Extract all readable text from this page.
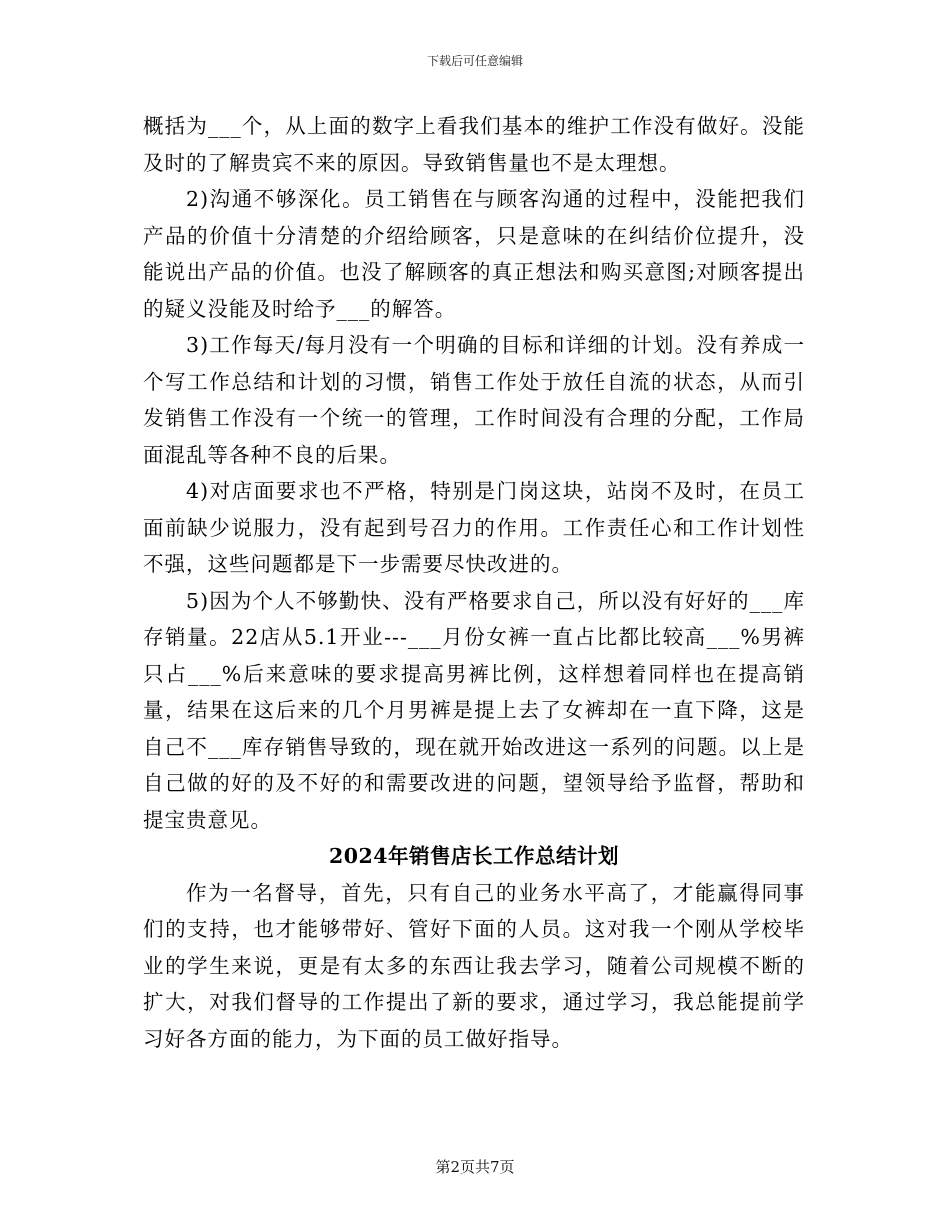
下载后可任意编辑

概括为___个，从上面的数字上看我们基本的维护工作没有做好。没能及时的了解贵宾不来的原因。导致销售量也不是太理想。

2)沟通不够深化。员工销售在与顾客沟通的过程中，没能把我们产品的价值十分清楚的介绍给顾客，只是意味的在纠结价位提升，没能说出产品的价值。也没了解顾客的真正想法和购买意图;对顾客提出的疑义没能及时给予___的解答。

3)工作每天/每月没有一个明确的目标和详细的计划。没有养成一个写工作总结和计划的习惯，销售工作处于放任自流的状态，从而引发销售工作没有一个统一的管理，工作时间没有合理的分配，工作局面混乱等各种不良的后果。

4)对店面要求也不严格，特别是门岗这块，站岗不及时，在员工面前缺少说服力，没有起到号召力的作用。工作责任心和工作计划性不强，这些问题都是下一步需要尽快改进的。

5)因为个人不够勤快、没有严格要求自己，所以没有好好的___库存销量。22店从5.1开业---___月份女裤一直占比都比较高___%男裤只占___%后来意味的要求提高男裤比例，这样想着同样也在提高销量，结果在这后来的几个月男裤是提上去了女裤却在一直下降，这是自己不___库存销售导致的，现在就开始改进这一系列的问题。以上是自己做的好的及不好的和需要改进的问题，望领导给予监督，帮助和提宝贵意见。

2024年销售店长工作总结计划

作为一名督导，首先，只有自己的业务水平高了，才能赢得同事们的支持，也才能够带好、管好下面的人员。这对我一个刚从学校毕业的学生来说，更是有太多的东西让我去学习，随着公司规模不断的扩大，对我们督导的工作提出了新的要求，通过学习，我总能提前学习好各方面的能力，为下面的员工做好指导。

第2页共7页
